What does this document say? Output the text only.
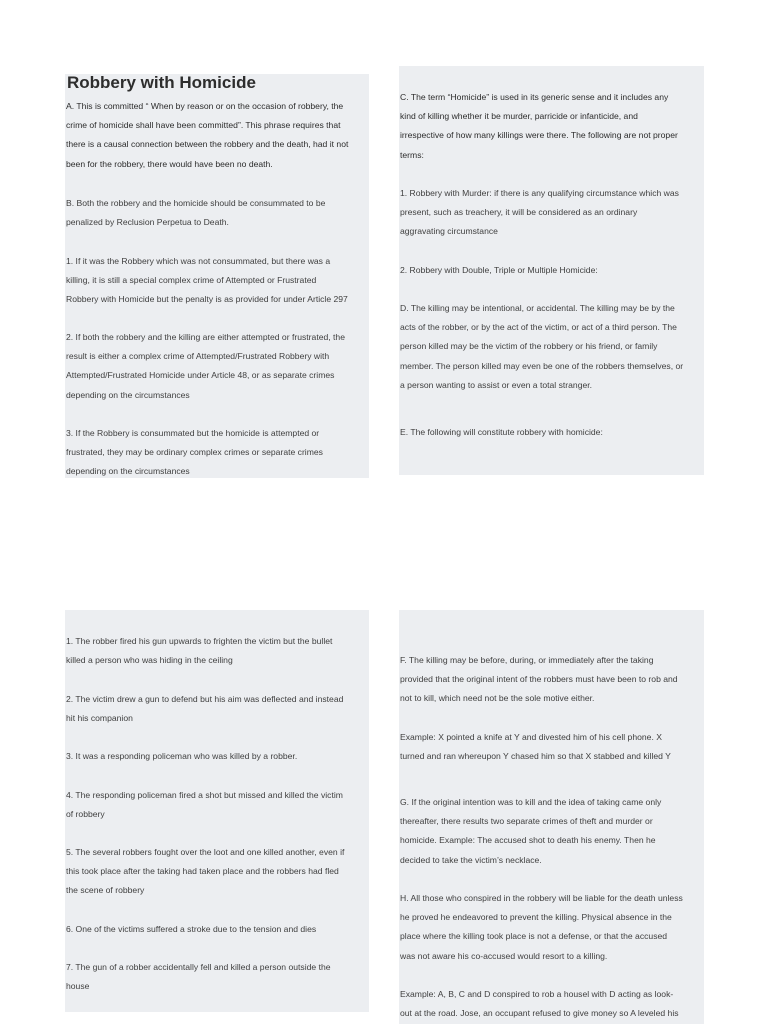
Robbery with Homicide

A. This is committed “ When by reason or on the occasion of robbery, the
crime of homicide shall have been committed”. This phrase requires that
there is a causal connection between the robbery and the death, had it not
been for the robbery, there would have been no death.

B. Both the robbery and the homicide should be consummated to be
penalized by Reclusion Perpetua to Death.

1. If it was the Robbery which was not consummated, but there was a
killing, it is still a special complex crime of Attempted or Frustrated
Robbery with Homicide but the penalty is as provided for under Article 297

2. If both the robbery and the killing are either attempted or frustrated, the
result is either a complex crime of Attempted/Frustrated Robbery with
Attempted/Frustrated Homicide under Article 48, or as separate crimes
depending on the circumstances

3. If the Robbery is consummated but the homicide is attempted or
frustrated, they may be ordinary complex crimes or separate crimes
depending on the circumstances

C. The term “Homicide” is used in its generic sense and it includes any
kind of killing whether it be murder, parricide or infanticide, and
irrespective of how many killings were there. The following are not proper
terms:

1. Robbery with Murder: if there is any qualifying circumstance which was
present, such as treachery, it will be considered as an ordinary
aggravating circumstance

2. Robbery with Double, Triple or Multiple Homicide:

D. The killing may be intentional, or accidental. The killing may be by the
acts of the robber, or by the act of the victim, or act of a third person. The
person killed may be the victim of the robbery or his friend, or family
member. The person killed may even be one of the robbers themselves, or
a person wanting to assist or even a total stranger.

E. The following will constitute robbery with homicide:

1. The robber fired his gun upwards to frighten the victim but the bullet
killed a person who was hiding in the ceiling

2. The victim drew a gun to defend but his aim was deflected and instead
hit his companion

3. It was a responding policeman who was killed by a robber.

4. The responding policeman fired a shot but missed and killed the victim
of robbery

5. The several robbers fought over the loot and one killed another, even if
this took place after the taking had taken place and the robbers had fled
the scene of robbery

6. One of the victims suffered a stroke due to the tension and dies

7. The gun of a robber accidentally fell and killed a person outside the
house

F. The killing may be before, during, or immediately after the taking
provided that the original intent of the robbers must have been to rob and
not to kill, which need not be the sole motive either.

Example: X pointed a knife at Y and divested him of his cell phone. X
turned and ran whereupon Y chased him so that X stabbed and killed Y

G. If the original intention was to kill and the idea of taking came only
thereafter, there results two separate crimes of theft and murder or
homicide. Example: The accused shot to death his enemy. Then he
decided to take the victim’s necklace.

H. All those who conspired in the robbery will be liable for the death unless
he proved he endeavored to prevent the killing. Physical absence in the
place where the killing took place is not a defense, or that the accused
was not aware his co-accused would resort to a killing.

Example: A, B, C and D conspired to rob a housel with D acting as look-
out at the road. Jose, an occupant refused to give money so A leveled his
